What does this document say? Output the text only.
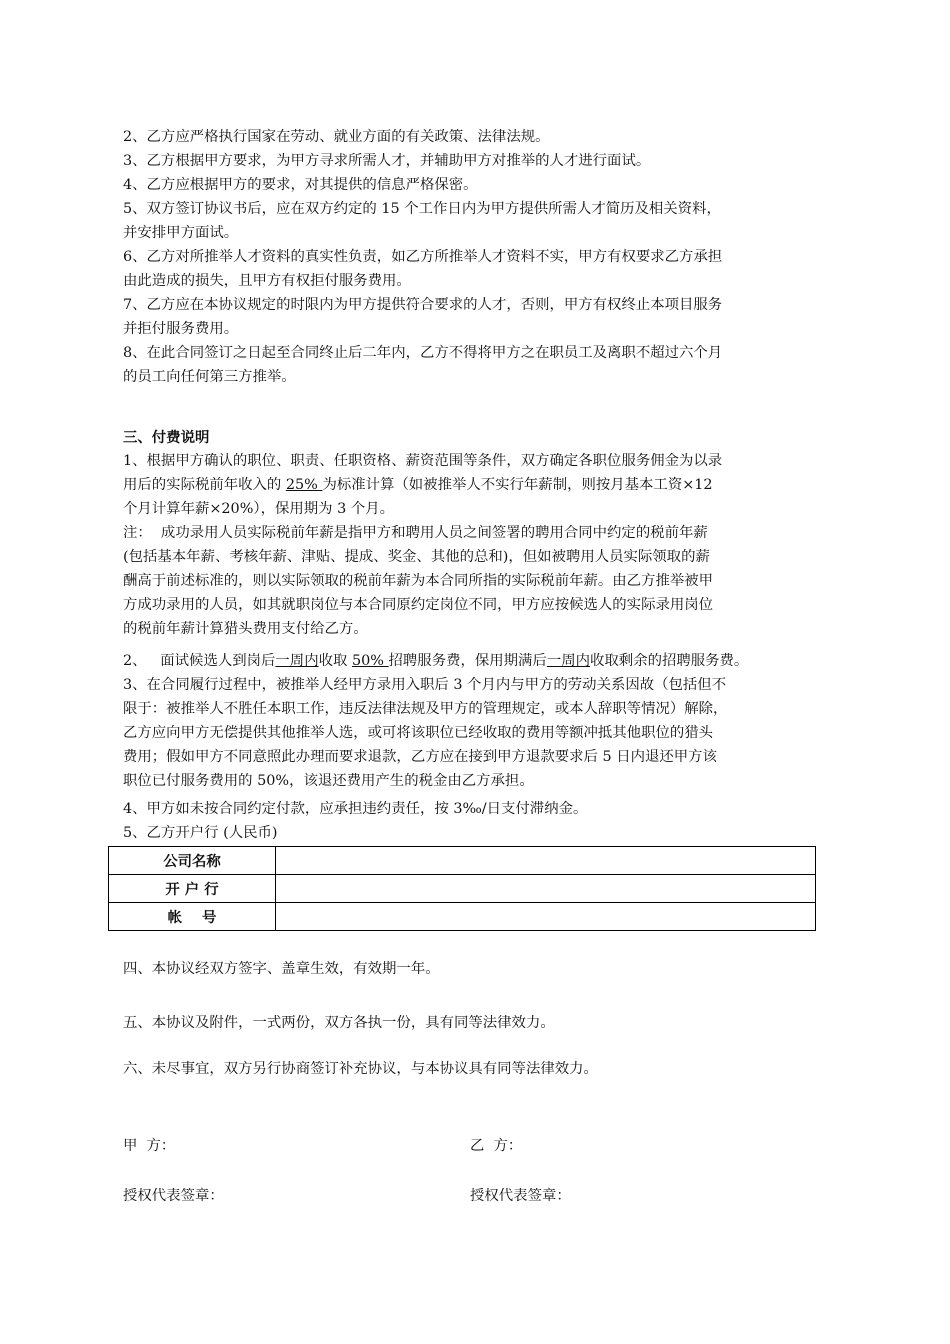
2、乙方应严格执行国家在劳动、就业方面的有关政策、法律法规。
3、乙方根据甲方要求，为甲方寻求所需人才，并辅助甲方对推举的人才进行面试。
4、乙方应根据甲方的要求，对其提供的信息严格保密。
5、双方签订协议书后，应在双方约定的 15 个工作日内为甲方提供所需人才简历及相关资料，
并安排甲方面试。
6、乙方对所推举人才资料的真实性负责，如乙方所推举人才资料不实，甲方有权要求乙方承担
由此造成的损失，且甲方有权拒付服务费用。
7、乙方应在本协议规定的时限内为甲方提供符合要求的人才，否则，甲方有权终止本项目服务
并拒付服务费用。
8、在此合同签订之日起至合同终止后二年内，乙方不得将甲方之在职员工及离职不超过六个月
的员工向任何第三方推举。
三、付费说明
1、根据甲方确认的职位、职责、任职资格、薪资范围等条件，双方确定各职位服务佣金为以录
用后的实际税前年收入的 25% 为标准计算（如被推举人不实行年薪制，则按月基本工资×12
个月计算年薪×20%），保用期为 3 个月。
注：  成功录用人员实际税前年薪是指甲方和聘用人员之间签署的聘用合同中约定的税前年薪
(包括基本年薪、考核年薪、津贴、提成、奖金、其他的总和)，但如被聘用人员实际领取的薪
酬高于前述标准的，则以实际领取的税前年薪为本合同所指的实际税前年薪。由乙方推举被甲
方成功录用的人员，如其就职岗位与本合同原约定岗位不同，甲方应按候选人的实际录用岗位
的税前年薪计算猎头费用支付给乙方。
2、   面试候选人到岗后一周内收取 50% 招聘服务费，保用期满后一周内收取剩余的招聘服务费。
3、在合同履行过程中，被推举人经甲方录用入职后 3 个月内与甲方的劳动关系因故（包括但不
限于：被推举人不胜任本职工作，违反法律法规及甲方的管理规定，或本人辞职等情况）解除，
乙方应向甲方无偿提供其他推举人选，或可将该职位已经收取的费用等额冲抵其他职位的猎头
费用；假如甲方不同意照此办理而要求退款，乙方应在接到甲方退款要求后 5 日内退还甲方该
职位已付服务费用的 50%，该退还费用产生的税金由乙方承担。
4、甲方如未按合同约定付款，应承担违约责任，按 3‰/日支付滞纳金。
5、乙方开户行 (人民币)
公司名称	
开 户 行	
帐    号	
四、本协议经双方签字、盖章生效，有效期一年。
五、本协议及附件，一式两份，双方各执一份，具有同等法律效力。
六、未尽事宜，双方另行协商签订补充协议，与本协议具有同等法律效力。
甲  方：	乙  方：
授权代表签章：	授权代表签章：
